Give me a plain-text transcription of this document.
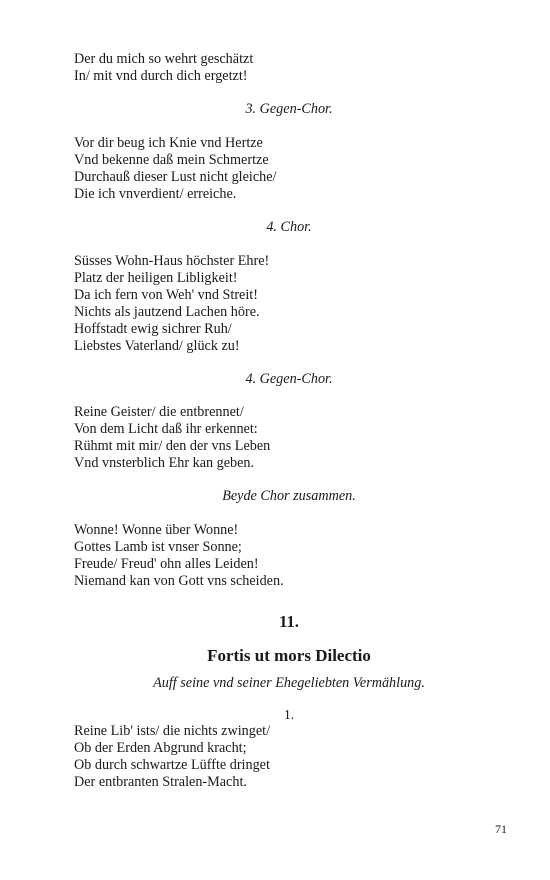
Der du mich so wehrt geschätzt

In/ mit vnd durch dich ergetzt!

3. Gegen-Chor.

Vor dir beug ich Knie vnd Hertze

Vnd bekenne daß mein Schmertze

Durchauß dieser Lust nicht gleiche/

Die ich vnverdient/ erreiche.

4. Chor.

Süsses Wohn-Haus höchster Ehre!

Platz der heiligen Libligkeit!

Da ich fern von Weh' vnd Streit!

Nichts als jautzend Lachen höre.

Hoffstadt ewig sichrer Ruh/

Liebstes Vaterland/ glück zu!

4. Gegen-Chor.

Reine Geister/ die entbrennet/

Von dem Licht daß ihr erkennet:

Rühmt mit mir/ den der vns Leben

Vnd vnsterblich Ehr kan geben.

Beyde Chor zusammen.

Wonne! Wonne über Wonne!

Gottes Lamb ist vnser Sonne;

Freude/ Freud' ohn alles Leiden!

Niemand kan von Gott vns scheiden.

11.

Fortis ut mors Dilectio

Auff seine vnd seiner Ehegeliebten Vermählung.

1.

Reine Lib' ists/ die nichts zwinget/

Ob der Erden Abgrund kracht;

Ob durch schwartze Lüffte dringet

Der entbranten Stralen-Macht.

71
